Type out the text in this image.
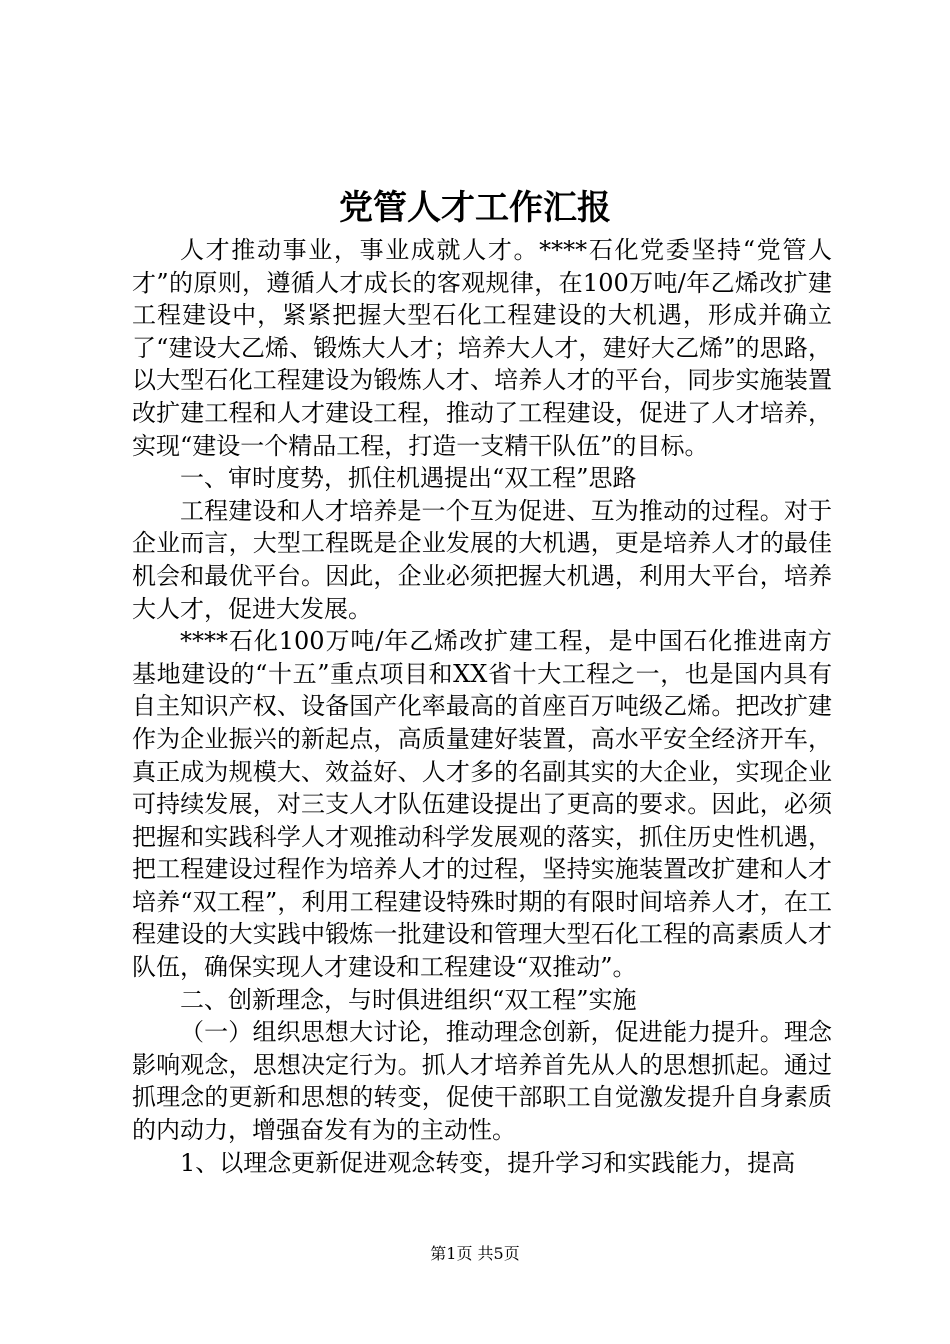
党管人才工作汇报

人才推动事业，事业成就人才。****石化党委坚持“党管人才”的原则，遵循人才成长的客观规律，在100万吨/年乙烯改扩建工程建设中，紧紧把握大型石化工程建设的大机遇，形成并确立了“建设大乙烯、锻炼大人才；培养大人才，建好大乙烯”的思路，以大型石化工程建设为锻炼人才、培养人才的平台，同步实施装置改扩建工程和人才建设工程，推动了工程建设，促进了人才培养，实现“建设一个精品工程，打造一支精干队伍”的目标。

一、审时度势，抓住机遇提出“双工程”思路

工程建设和人才培养是一个互为促进、互为推动的过程。对于企业而言，大型工程既是企业发展的大机遇，更是培养人才的最佳机会和最优平台。因此，企业必须把握大机遇，利用大平台，培养大人才，促进大发展。

****石化100万吨/年乙烯改扩建工程，是中国石化推进南方基地建设的“十五”重点项目和XX省十大工程之一，也是国内具有自主知识产权、设备国产化率最高的首座百万吨级乙烯。把改扩建作为企业振兴的新起点，高质量建好装置，高水平安全经济开车，真正成为规模大、效益好、人才多的名副其实的大企业，实现企业可持续发展，对三支人才队伍建设提出了更高的要求。因此，必须把握和实践科学人才观推动科学发展观的落实，抓住历史性机遇，把工程建设过程作为培养人才的过程，坚持实施装置改扩建和人才培养“双工程”，利用工程建设特殊时期的有限时间培养人才，在工程建设的大实践中锻炼一批建设和管理大型石化工程的高素质人才队伍，确保实现人才建设和工程建设“双推动”。

二、创新理念，与时俱进组织“双工程”实施

（一）组织思想大讨论，推动理念创新，促进能力提升。理念影响观念，思想决定行为。抓人才培养首先从人的思想抓起。通过抓理念的更新和思想的转变，促使干部职工自觉激发提升自身素质的内动力，增强奋发有为的主动性。

1、以理念更新促进观念转变，提升学习和实践能力，提高

第1页 共5页
